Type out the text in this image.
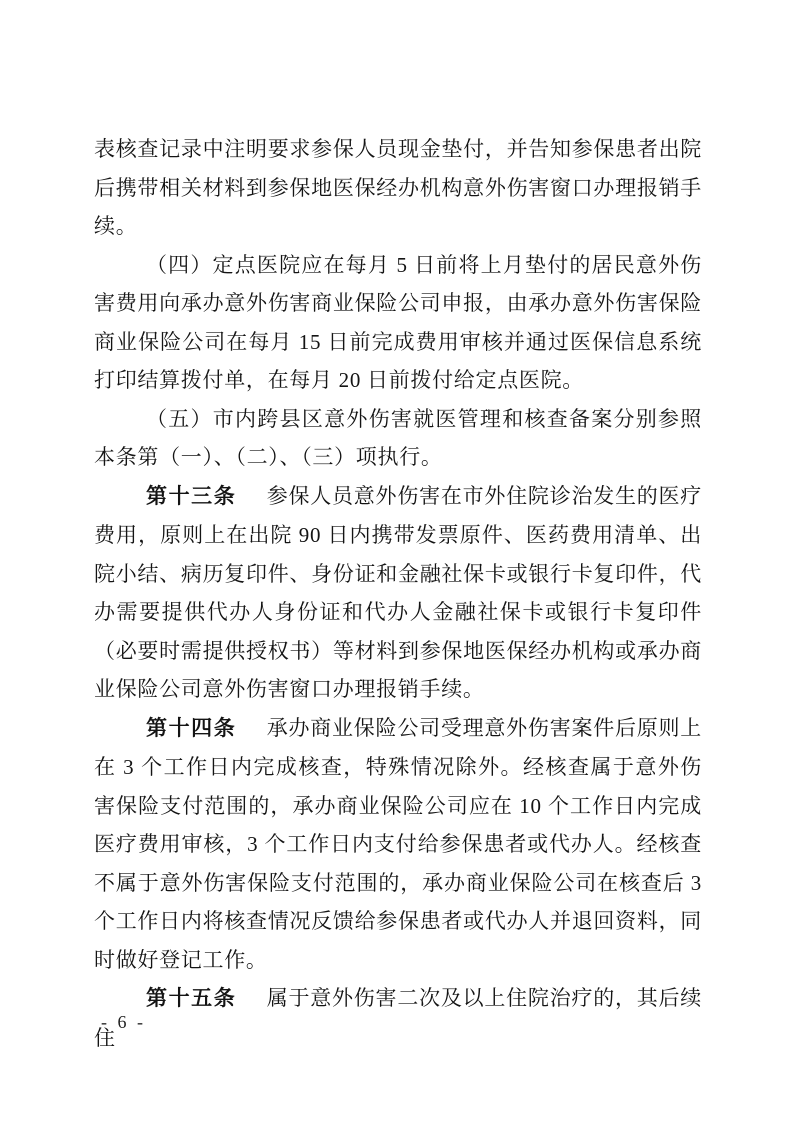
表核查记录中注明要求参保人员现金垫付，并告知参保患者出院后携带相关材料到参保地医保经办机构意外伤害窗口办理报销手续。

（四）定点医院应在每月 5 日前将上月垫付的居民意外伤害费用向承办意外伤害商业保险公司申报，由承办意外伤害保险商业保险公司在每月 15 日前完成费用审核并通过医保信息系统打印结算拨付单，在每月 20 日前拨付给定点医院。

（五）市内跨县区意外伤害就医管理和核查备案分别参照本条第（一）、（二）、（三）项执行。

第十三条 参保人员意外伤害在市外住院诊治发生的医疗费用，原则上在出院 90 日内携带发票原件、医药费用清单、出院小结、病历复印件、身份证和金融社保卡或银行卡复印件，代办需要提供代办人身份证和代办人金融社保卡或银行卡复印件（必要时需提供授权书）等材料到参保地医保经办机构或承办商业保险公司意外伤害窗口办理报销手续。

第十四条 承办商业保险公司受理意外伤害案件后原则上在 3 个工作日内完成核查，特殊情况除外。经核查属于意外伤害保险支付范围的，承办商业保险公司应在 10 个工作日内完成医疗费用审核，3 个工作日内支付给参保患者或代办人。经核查不属于意外伤害保险支付范围的，承办商业保险公司在核查后 3 个工作日内将核查情况反馈给参保患者或代办人并退回资料，同时做好登记工作。

第十五条 属于意外伤害二次及以上住院治疗的，其后续住

- 6 -
